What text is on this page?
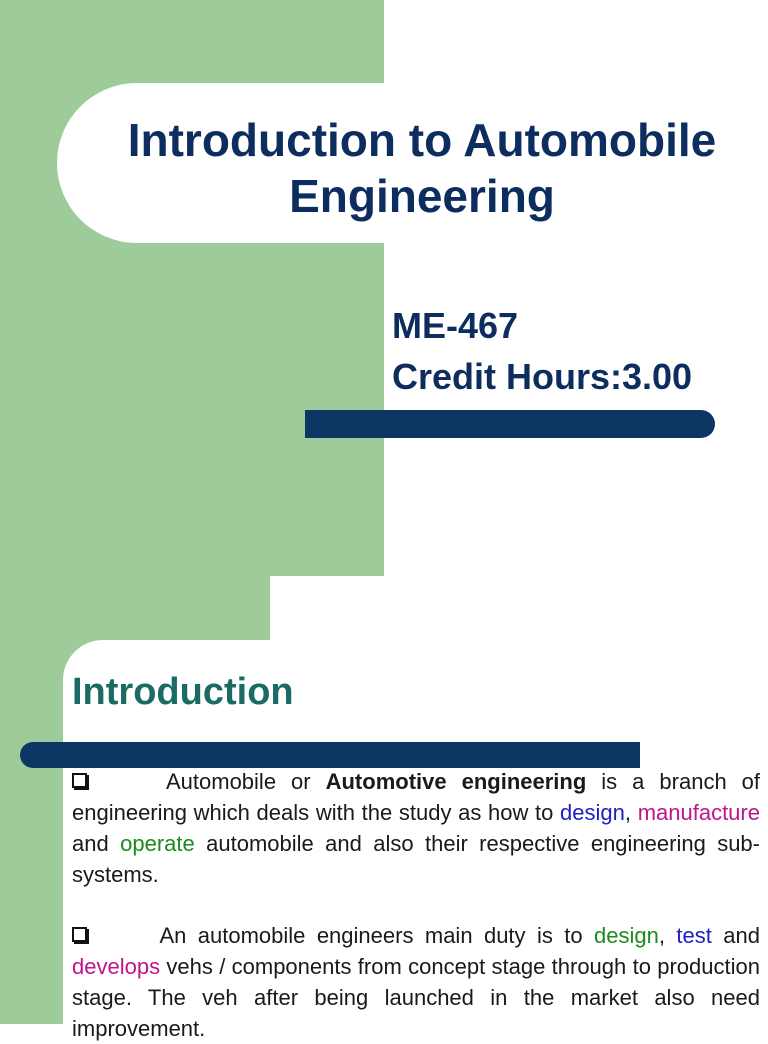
Introduction to Automobile
Engineering
ME-467
Credit Hours:3.00
Introduction
Automobile or Automotive engineering is a branch of engineering which deals with the study as how to design, manufacture and operate automobile and also their respective engineering sub-systems.
An automobile engineers main duty is to design, test and develops vehs / components from concept stage through to production stage. The veh after being launched in the market also need improvement.
